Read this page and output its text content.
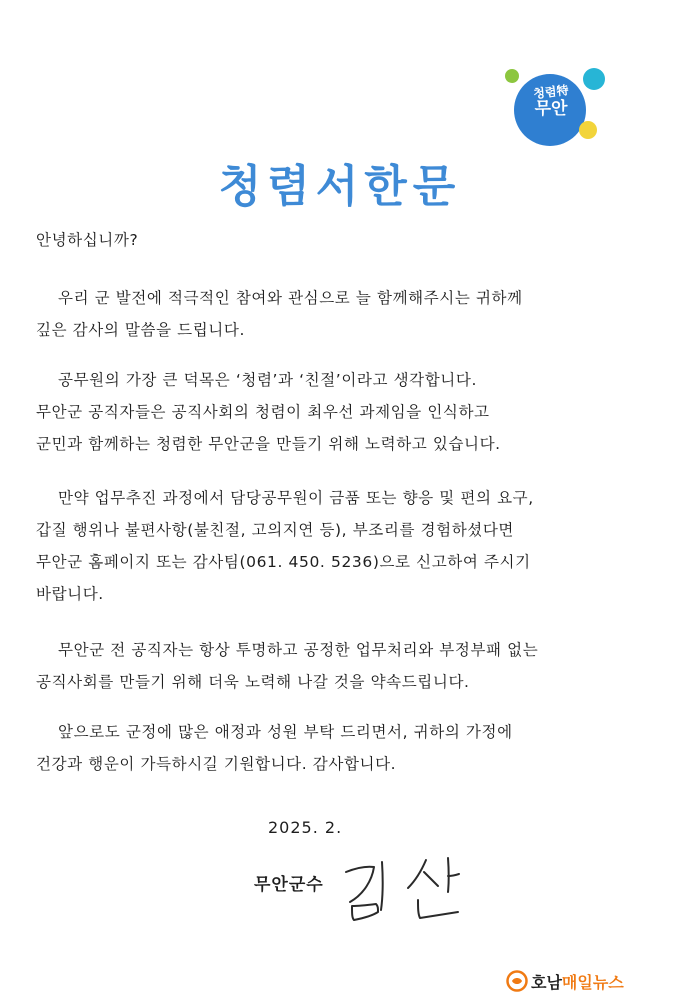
청렴特
무안
청렴서한문

안녕하십니까?

우리 군 발전에 적극적인 참여와 관심으로 늘 함께해주시는 귀하께
깊은 감사의 말씀을 드립니다.
공무원의 가장 큰 덕목은 ‘청렴’과 ‘친절’이라고 생각합니다.
무안군 공직자들은 공직사회의 청렴이 최우선 과제임을 인식하고
군민과 함께하는 청렴한 무안군을 만들기 위해 노력하고 있습니다.
만약 업무추진 과정에서 담당공무원이 금품 또는 향응 및 편의 요구,
갑질 행위나 불편사항(불친절, 고의지연 등), 부조리를 경험하셨다면
무안군 홈페이지 또는 감사팀(061. 450. 5236)으로 신고하여 주시기
바랍니다.
무안군 전 공직자는 항상 투명하고 공정한 업무처리와 부정부패 없는
공직사회를 만들기 위해 더욱 노력해 나갈 것을 약속드립니다.
앞으로도 군정에 많은 애정과 성원 부탁 드리면서, 귀하의 가정에
건강과 행운이 가득하시길 기원합니다. 감사합니다.

2025. 2.

무안군수

호남매일뉴스
